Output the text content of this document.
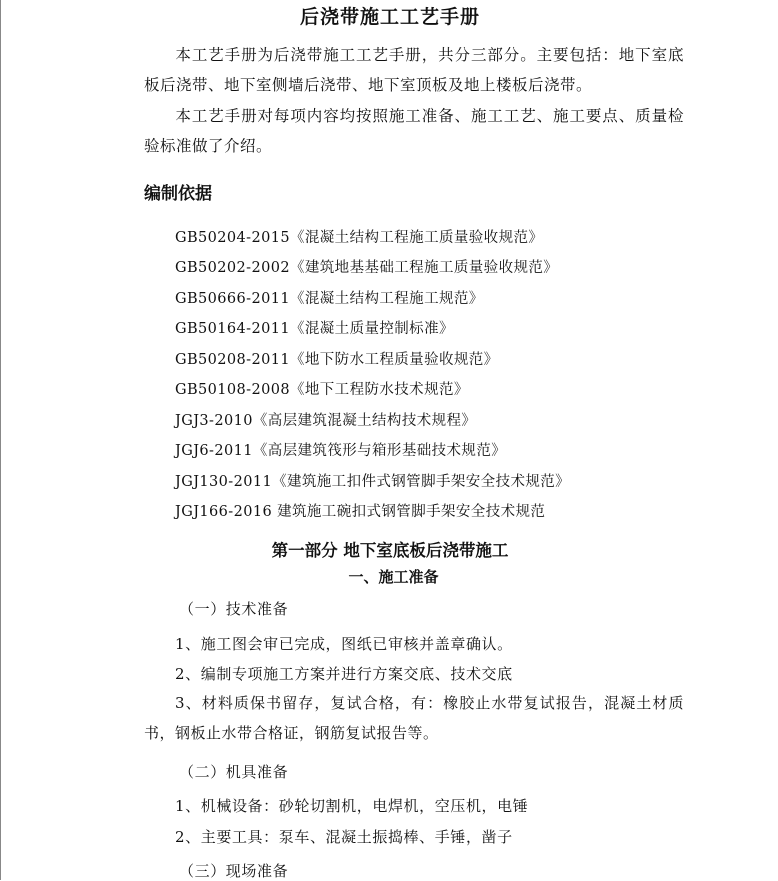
后浇带施工工艺手册
本工艺手册为后浇带施工工艺手册，共分三部分。主要包括：地下室底板后浇带、地下室侧墙后浇带、地下室顶板及地上楼板后浇带。
本工艺手册对每项内容均按照施工准备、施工工艺、施工要点、质量检验标准做了介绍。
编制依据
GB50204-2015《混凝土结构工程施工质量验收规范》
GB50202-2002《建筑地基基础工程施工质量验收规范》
GB50666-2011《混凝土结构工程施工规范》
GB50164-2011《混凝土质量控制标准》
GB50208-2011《地下防水工程质量验收规范》
GB50108-2008《地下工程防水技术规范》
JGJ3-2010《高层建筑混凝土结构技术规程》
JGJ6-2011《高层建筑筏形与箱形基础技术规范》
JGJ130-2011《建筑施工扣件式钢管脚手架安全技术规范》
JGJ166-2016 建筑施工碗扣式钢管脚手架安全技术规范
第一部分 地下室底板后浇带施工
一、施工准备
（一）技术准备
1、施工图会审已完成，图纸已审核并盖章确认。
2、编制专项施工方案并进行方案交底、技术交底
3、材料质保书留存，复试合格，有：橡胶止水带复试报告，混凝土材质书，钢板止水带合格证，钢筋复试报告等。
（二）机具准备
1、机械设备：砂轮切割机，电焊机，空压机，电锤
2、主要工具：泵车、混凝土振捣棒、手锤，凿子
（三）现场准备
